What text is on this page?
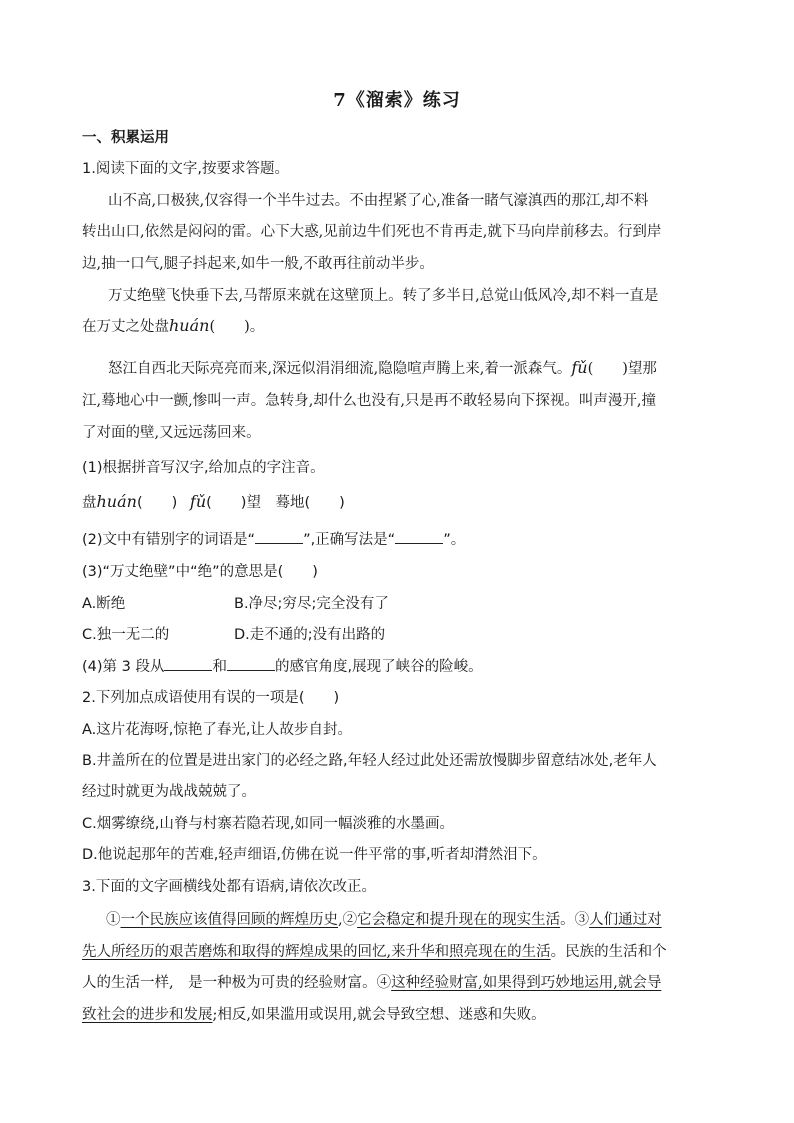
7《溜索》练习
一、积累运用
1.阅读下面的文字,按要求答题。
山不高,口极狭,仅容得一个半牛过去。不由捏紧了心,准备一睹气濠滇西的那江,却不料
转出山口,依然是闷闷的雷。心下大惑,见前边牛们死也不肯再走,就下马向岸前移去。行到岸
边,抽一口气,腿子抖起来,如牛一般,不敢再往前动半步。
万丈绝壁飞快垂下去,马帮原来就在这壁顶上。转了多半日,总觉山低风冷,却不料一直是
在万丈之处盘huán(　　)。
怒江自西北天际亮亮而来,深远似涓涓细流,隐隐喧声腾上来,着一派森气。fǔ(　　)望那
江,蓦地心中一颤,惨叫一声。急转身,却什么也没有,只是再不敢轻易向下探视。叫声漫开,撞
了对面的壁,又远远荡回来。
(1)根据拼音写汉字,给加点的字注音。
盘huán(　　) fǔ(　　)望　蓦地(　　)
(2)文中有错别字的词语是“	”,正确写法是“	”。
(3)“万丈绝壁”中“绝”的意思是(　　)
A.断绝	B.净尽;穷尽;完全没有了
C.独一无二的	D.走不通的;没有出路的
(4)第 3 段从	和	的感官角度,展现了峡谷的险峻。
2.下列加点成语使用有误的一项是(　　)
A.这片花海呀,惊艳了春光,让人故步自封。
B.井盖所在的位置是进出家门的必经之路,年轻人经过此处还需放慢脚步留意结冰处,老年人
经过时就更为战战兢兢了。
C.烟雾缭绕,山脊与村寨若隐若现,如同一幅淡雅的水墨画。
D.他说起那年的苦难,轻声细语,仿佛在说一件平常的事,听者却潸然泪下。
3.下面的文字画横线处都有语病,请依次改正。
①一个民族应该值得回顾的辉煌历史,②它会稳定和提升现在的现实生活。③人们通过对
先人所经历的艰苦磨炼和取得的辉煌成果的回忆,来升华和照亮现在的生活。民族的生活和个
人的生活一样,　是一种极为可贵的经验财富。④这种经验财富,如果得到巧妙地运用,就会导
致社会的进步和发展;相反,如果滥用或误用,就会导致空想、迷惑和失败。
